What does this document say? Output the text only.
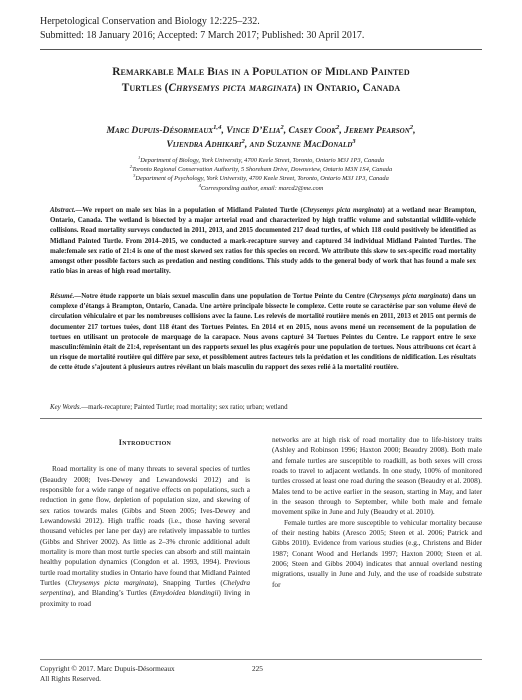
Herpetological Conservation and Biology 12:225–232.
Submitted: 18 January 2016; Accepted: 7 March 2017; Published: 30 April 2017.
Remarkable Male Bias in a Population of Midland Painted
Turtles (Chrysemys picta marginata) in Ontario, Canada
Marc Dupuis-Désormeaux$^{1,4}$, Vince D’Elia$^2$, Casey Cook$^2$, Jeremy Pearson$^2$,
Vijendra Adhikari$^2$, and Suzanne MacDonald$^3$
$^1$Department of Biology, York University, 4700 Keele Street, Toronto, Ontario M3J 1P3, Canada
$^2$Toronto Regional Conservation Authority, 5 Shoreham Drive, Downsview, Ontario M3N 1S4, Canada
$^3$Department of Psychology, York University, 4700 Keele Street, Toronto, Ontario M3J 1P3, Canada
$^4$Corresponding author, email: marcd2@me.com
Abstract.—We report on male sex bias in a population of Midland Painted Turtle (Chrysemys picta marginata) at a wetland near Brampton, Ontario, Canada. The wetland is bisected by a major arterial road and characterized by high traffic volume and substantial wildlife-vehicle collisions. Road mortality surveys conducted in 2011, 2013, and 2015 documented 217 dead turtles, of which 118 could positively be identified as Midland Painted Turtle. From 2014–2015, we conducted a mark-recapture survey and captured 34 individual Midland Painted Turtles. The male:female sex ratio of 21:4 is one of the most skewed sex ratios for this species on record. We attribute this skew to sex-specific road mortality amongst other possible factors such as predation and nesting conditions. This study adds to the general body of work that has found a male sex ratio bias in areas of high road mortality.
Résumé.—Notre étude rapporte un biais sexuel masculin dans une population de Tortue Peinte du Centre (Chrysemys picta marginata) dans un complexe d’étangs à Brampton, Ontario, Canada. Une artère principale bissecte le complexe. Cette route se caractérise par son volume élevé de circulation véhiculaire et par les nombreuses collisions avec la faune. Les relevés de mortalité routière menés en 2011, 2013 et 2015 ont permis de documenter 217 tortues tuées, dont 118 étant des Tortues Peintes. En 2014 et en 2015, nous avons mené un recensement de la population de tortues en utilisant un protocole de marquage de la carapace. Nous avons capturé 34 Tortues Peintes du Centre. Le rapport entre le sexe masculin:féminin était de 21:4, représentant un des rapports sexuel les plus exagérés pour une population de tortues. Nous attribuons cet écart à un risque de mortalité routière qui diffère par sexe, et possiblement autres facteurs tels la prédation et les conditions de nidification. Les résultats de cette étude s’ajoutent à plusieurs autres révélant un biais masculin du rapport des sexes relié à la mortalité routière.
Key Words.—mark-recapture; Painted Turtle; road mortality; sex ratio; urban; wetland
Introduction

Road mortality is one of many threats to several species of turtles (Beaudry 2008; Ives-Dewey and Lewandowski 2012) and is responsible for a wide range of negative effects on populations, such a reduction in gene flow, depletion of population size, and skewing of sex ratios towards males (Gibbs and Steen 2005; Ives-Dewey and Lewandowski 2012). High traffic roads (i.e., those having several thousand vehicles per lane per day) are relatively impassable to turtles (Gibbs and Shriver 2002). As little as 2–3% chronic additional adult mortality is more than most turtle species can absorb and still maintain healthy population dynamics (Congdon et al. 1993, 1994). Previous turtle road mortality studies in Ontario have found that Midland Painted Turtles (Chrysemys picta marginata), Snapping Turtles (Chelydra serpentina), and Blanding’s Turtles (Emydoidea blandingii) living in proximity to road

networks are at high risk of road mortality due to life-history traits (Ashley and Robinson 1996; Haxton 2000; Beaudry 2008). Both male and female turtles are susceptible to roadkill, as both sexes will cross roads to travel to adjacent wetlands. In one study, 100% of monitored turtles crossed at least one road during the season (Beaudry et al. 2008). Males tend to be active earlier in the season, starting in May, and later in the season through to September, while both male and female movement spike in June and July (Beaudry et al. 2010).

Female turtles are more susceptible to vehicular mortality because of their nesting habits (Aresco 2005; Steen et al. 2006; Patrick and Gibbs 2010). Evidence from various studies (e.g., Christens and Bider 1987; Conant Wood and Herlands 1997; Haxton 2000; Steen et al. 2006; Steen and Gibbs 2004) indicates that annual overland nesting migrations, usually in June and July, and the use of roadside substrate for

Copyright © 2017. Marc Dupuis-Désormeaux
All Rights Reserved.
225
